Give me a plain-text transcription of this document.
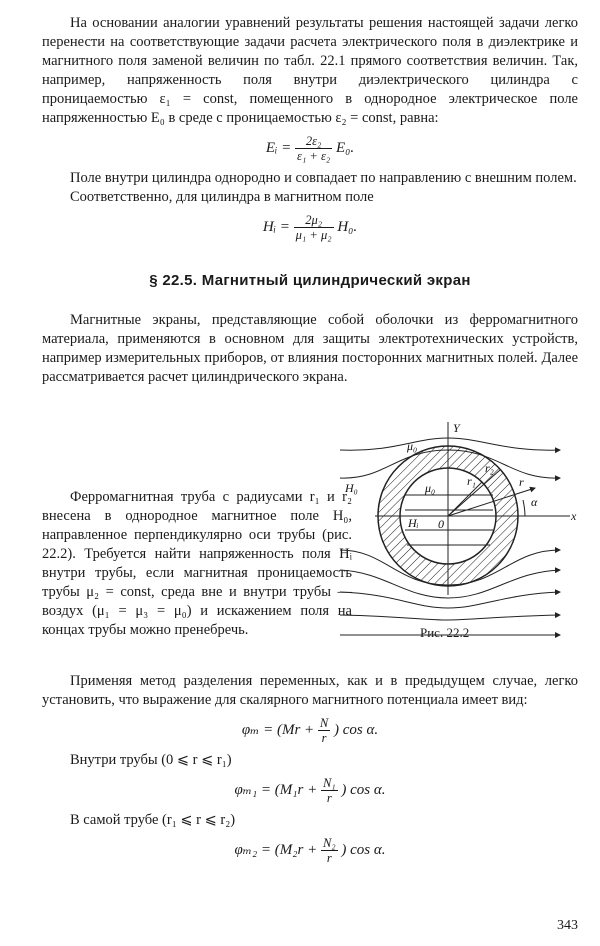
На основании аналогии уравнений результаты решения настоящей задачи легко перенести на соответствующие задачи расчета электрического поля в диэлектрике и магнитного поля заменой величин по табл. 22.1 прямого соответствия величин. Так, например, напряженность поля внутри диэлектрического цилиндра с проницаемостью ε₁ = const, помещенного в однородное электрическое поле напряженностью E₀ в среде с проницаемостью ε₂ = const, равна:

Eᵢ = $\frac{\text{2ε₂}}{\text{ε₁ + ε₂}} E_0$.

Поле внутри цилиндра однородно и совпадает по направлению с внешним полем.

Соответственно, для цилиндра в магнитном поле

Hᵢ = $\frac{\text{2μ₂}}{\text{μ₁ + μ₂}} H_0$.
§ 22.5. Магнитный цилиндрический экран

Магнитные экраны, представляющие собой оболочки из ферромагнитного материала, применяются в основном для защиты электротехнических устройств, например измерительных приборов, от влияния посторонних магнитных полей. Далее рассматривается расчет цилиндрического экрана.

Ферромагнитная труба с радиусами r₁ и r₂ внесена в однородное магнитное поле H₀, направленное перпендикулярно оси трубы (рис. 22.2). Требуется найти напряженность поля Hᵢ внутри трубы, если магнитная проницаемость трубы μ₂ = const, среда вне и внутри трубы — воздух (μ₁ = μ₃ = μ₀) и искажением поля на концах трубы можно пренебречь.

Применяя метод разделения переменных, как и в предыдущем случае, легко установить, что выражение для скалярного магнитного потенциала имеет вид:

$\varphi_m = (Mr + \frac{N}{r}$ ) cos α.

Внутри трубы (0 ⩽ r ⩽ r₁)

$\varphi_{m1} = (M_1r + \frac{\text{N₁}}{r}$ ) cos α.

В самой трубе (r₁ ⩽ r ⩽ r₂)

$\varphi_{m2} = (M_2r + \frac{\text{N₂}}{r}$ ) cos α.
Y
x
H₀
Hᵢ
μ₀
μ₀	r₁
r₂
r
α
0
Рис. 22.2
343
